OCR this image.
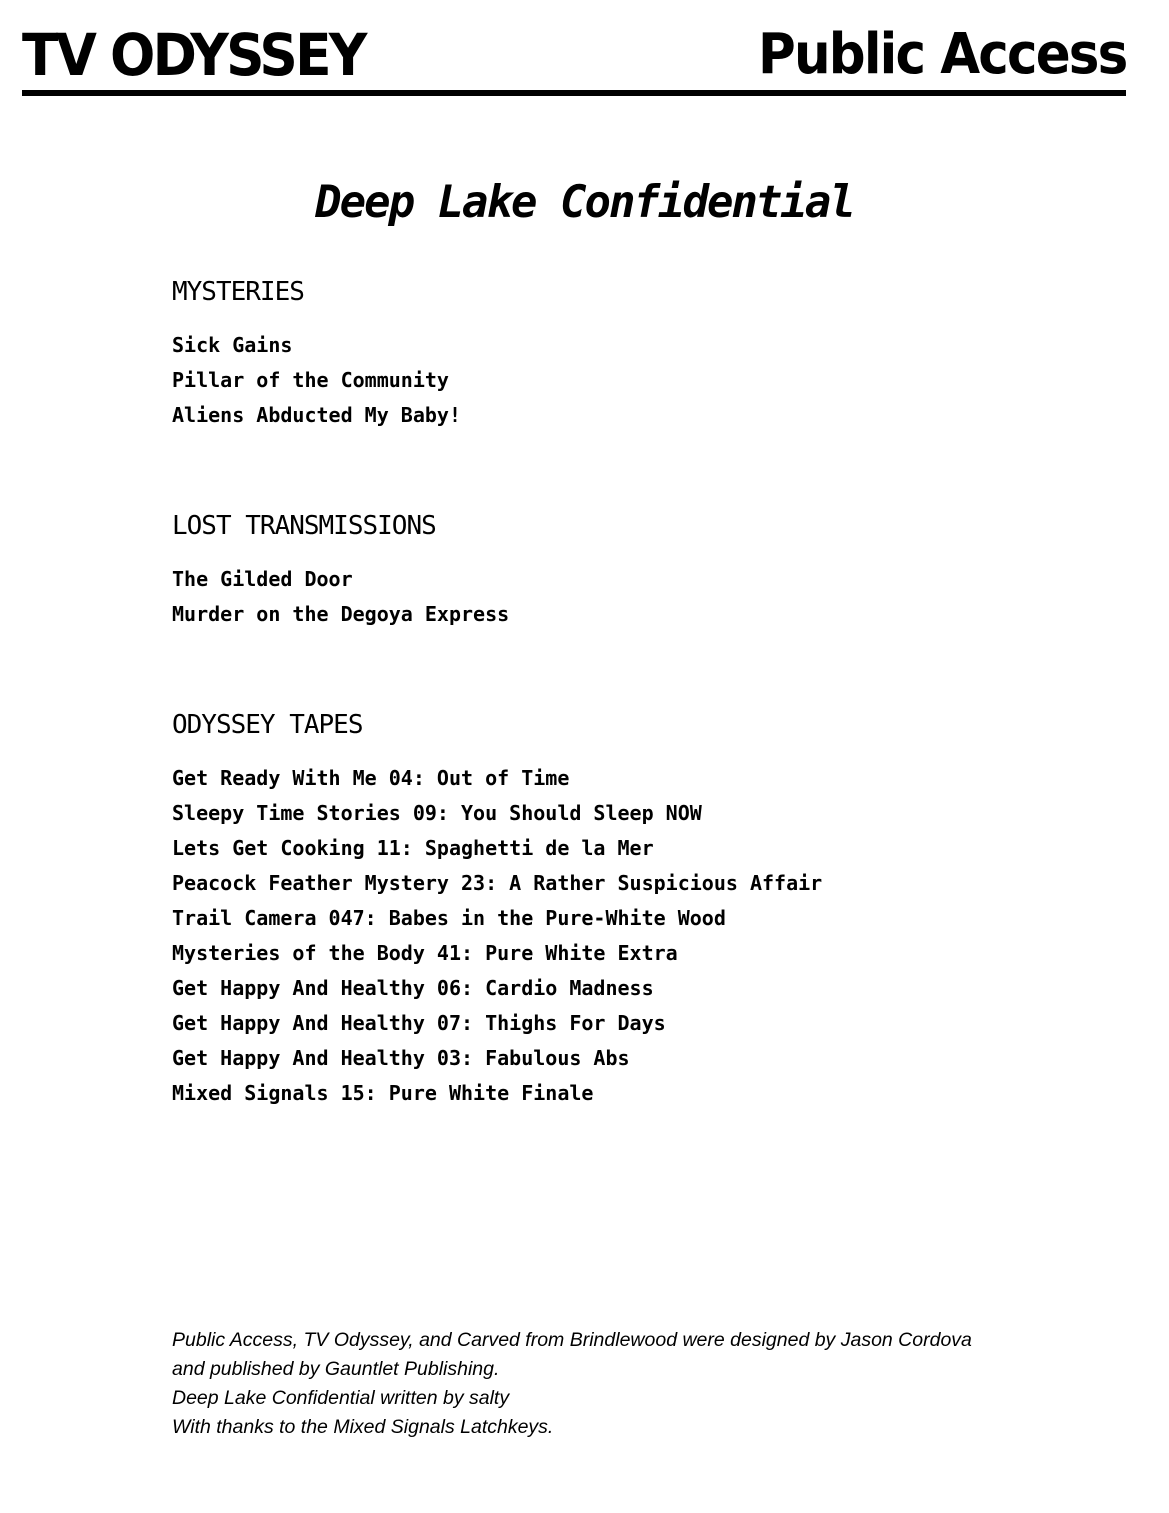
TV ODYSSEY	Public Access
Deep Lake Confidential
MYSTERIES
Sick Gains
Pillar of the Community
Aliens Abducted My Baby!
LOST TRANSMISSIONS
The Gilded Door
Murder on the Degoya Express
ODYSSEY TAPES
Get Ready With Me 04: Out of Time
Sleepy Time Stories 09: You Should Sleep NOW
Lets Get Cooking 11: Spaghetti de la Mer
Peacock Feather Mystery 23: A Rather Suspicious Affair
Trail Camera 047: Babes in the Pure-White Wood
Mysteries of the Body 41: Pure White Extra
Get Happy And Healthy 06: Cardio Madness
Get Happy And Healthy 07: Thighs For Days
Get Happy And Healthy 03: Fabulous Abs
Mixed Signals 15: Pure White Finale
Public Access, TV Odyssey, and Carved from Brindlewood were designed by Jason Cordova
and published by Gauntlet Publishing.
Deep Lake Confidential written by salty
With thanks to the Mixed Signals Latchkeys.
